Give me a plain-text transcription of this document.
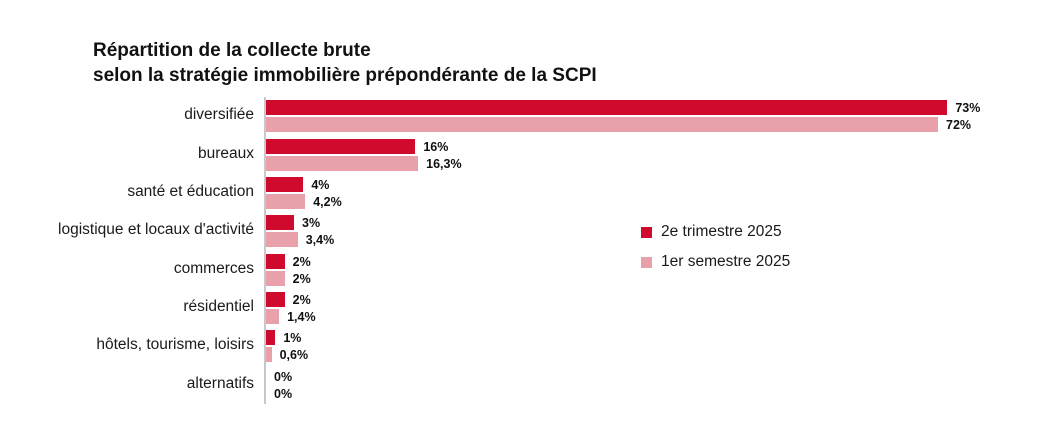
Répartition de la collecte brute
selon la stratégie immobilière prépondérante de la SCPI
diversifiée	73%
72%
bureaux	16%
16,3%
santé et éducation	4%
4,2%
logistique et locaux d'activité	3%
3,4%
commerces	2%
2%
résidentiel	2%
1,4%
hôtels, tourisme, loisirs 1%
0,6%
alternatifs 0%
0%
2e trimestre 2025
1er semestre 2025
